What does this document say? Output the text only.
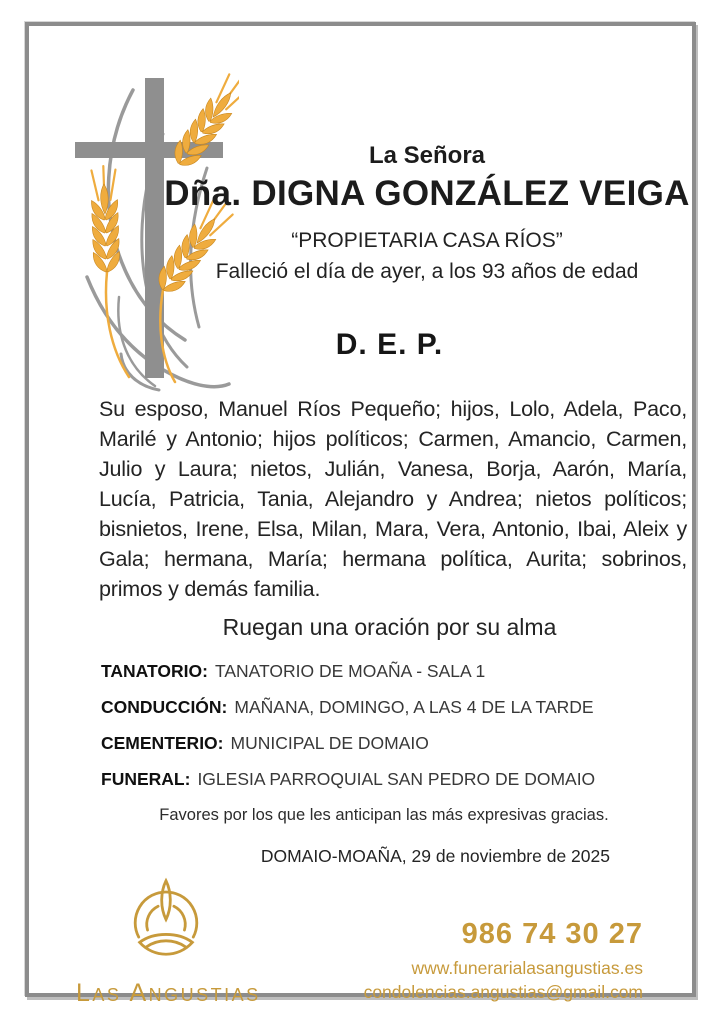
La Señora
Dña. DIGNA GONZÁLEZ VEIGA
“PROPIETARIA CASA RÍOS”
Falleció el día de ayer, a los 93 años de edad
D. E. P.
Su esposo, Manuel Ríos Pequeño; hijos, Lolo, Adela, Paco, Marilé y Antonio; hijos políticos; Carmen, Amancio, Carmen, Julio y Laura; nietos, Julián, Vanesa, Borja, Aarón, María, Lucía, Patricia, Tania, Alejandro y Andrea; nietos políticos; bisnietos, Irene, Elsa, Milan, Mara, Vera, Antonio, Ibai, Aleix y Gala; hermana, María; hermana política, Aurita; sobrinos, primos y demás familia.
Ruegan una oración por su alma
TANATORIO: TANATORIO DE MOAÑA - SALA 1
CONDUCCIÓN: MAÑANA, DOMINGO, A LAS 4 DE LA TARDE
CEMENTERIO: MUNICIPAL DE DOMAIO
FUNERAL: IGLESIA PARROQUIAL SAN PEDRO DE DOMAIO
Favores por los que les anticipan las más expresivas gracias.
DOMAIO-MOAÑA, 29 de noviembre de 2025
Las Angustias
986 74 30 27
www.funerarialasangustias.es
condolencias.angustias@gmail.com
